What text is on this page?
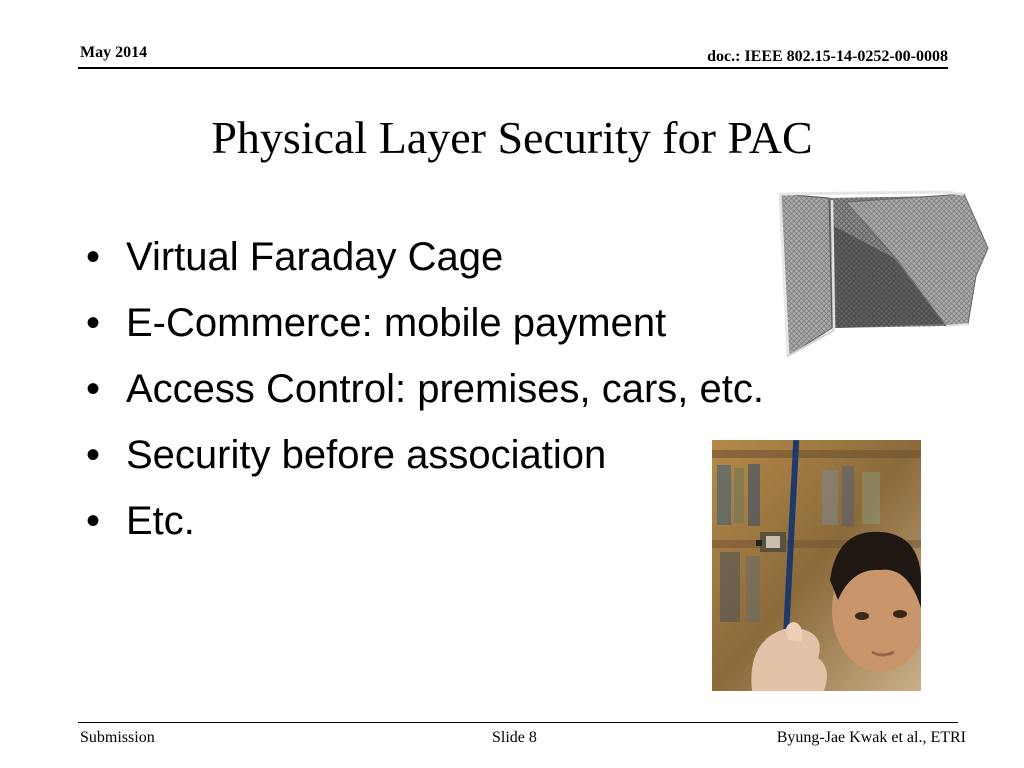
May 2014	doc.: IEEE 802.15-14-0252-00-0008
Physical Layer Security for PAC
• Virtual Faraday Cage
• E-Commerce: mobile payment
• Access Control: premises, cars, etc.
• Security before association
• Etc.
Submission	Slide 8	Byung-Jae Kwak et al., ETRI
